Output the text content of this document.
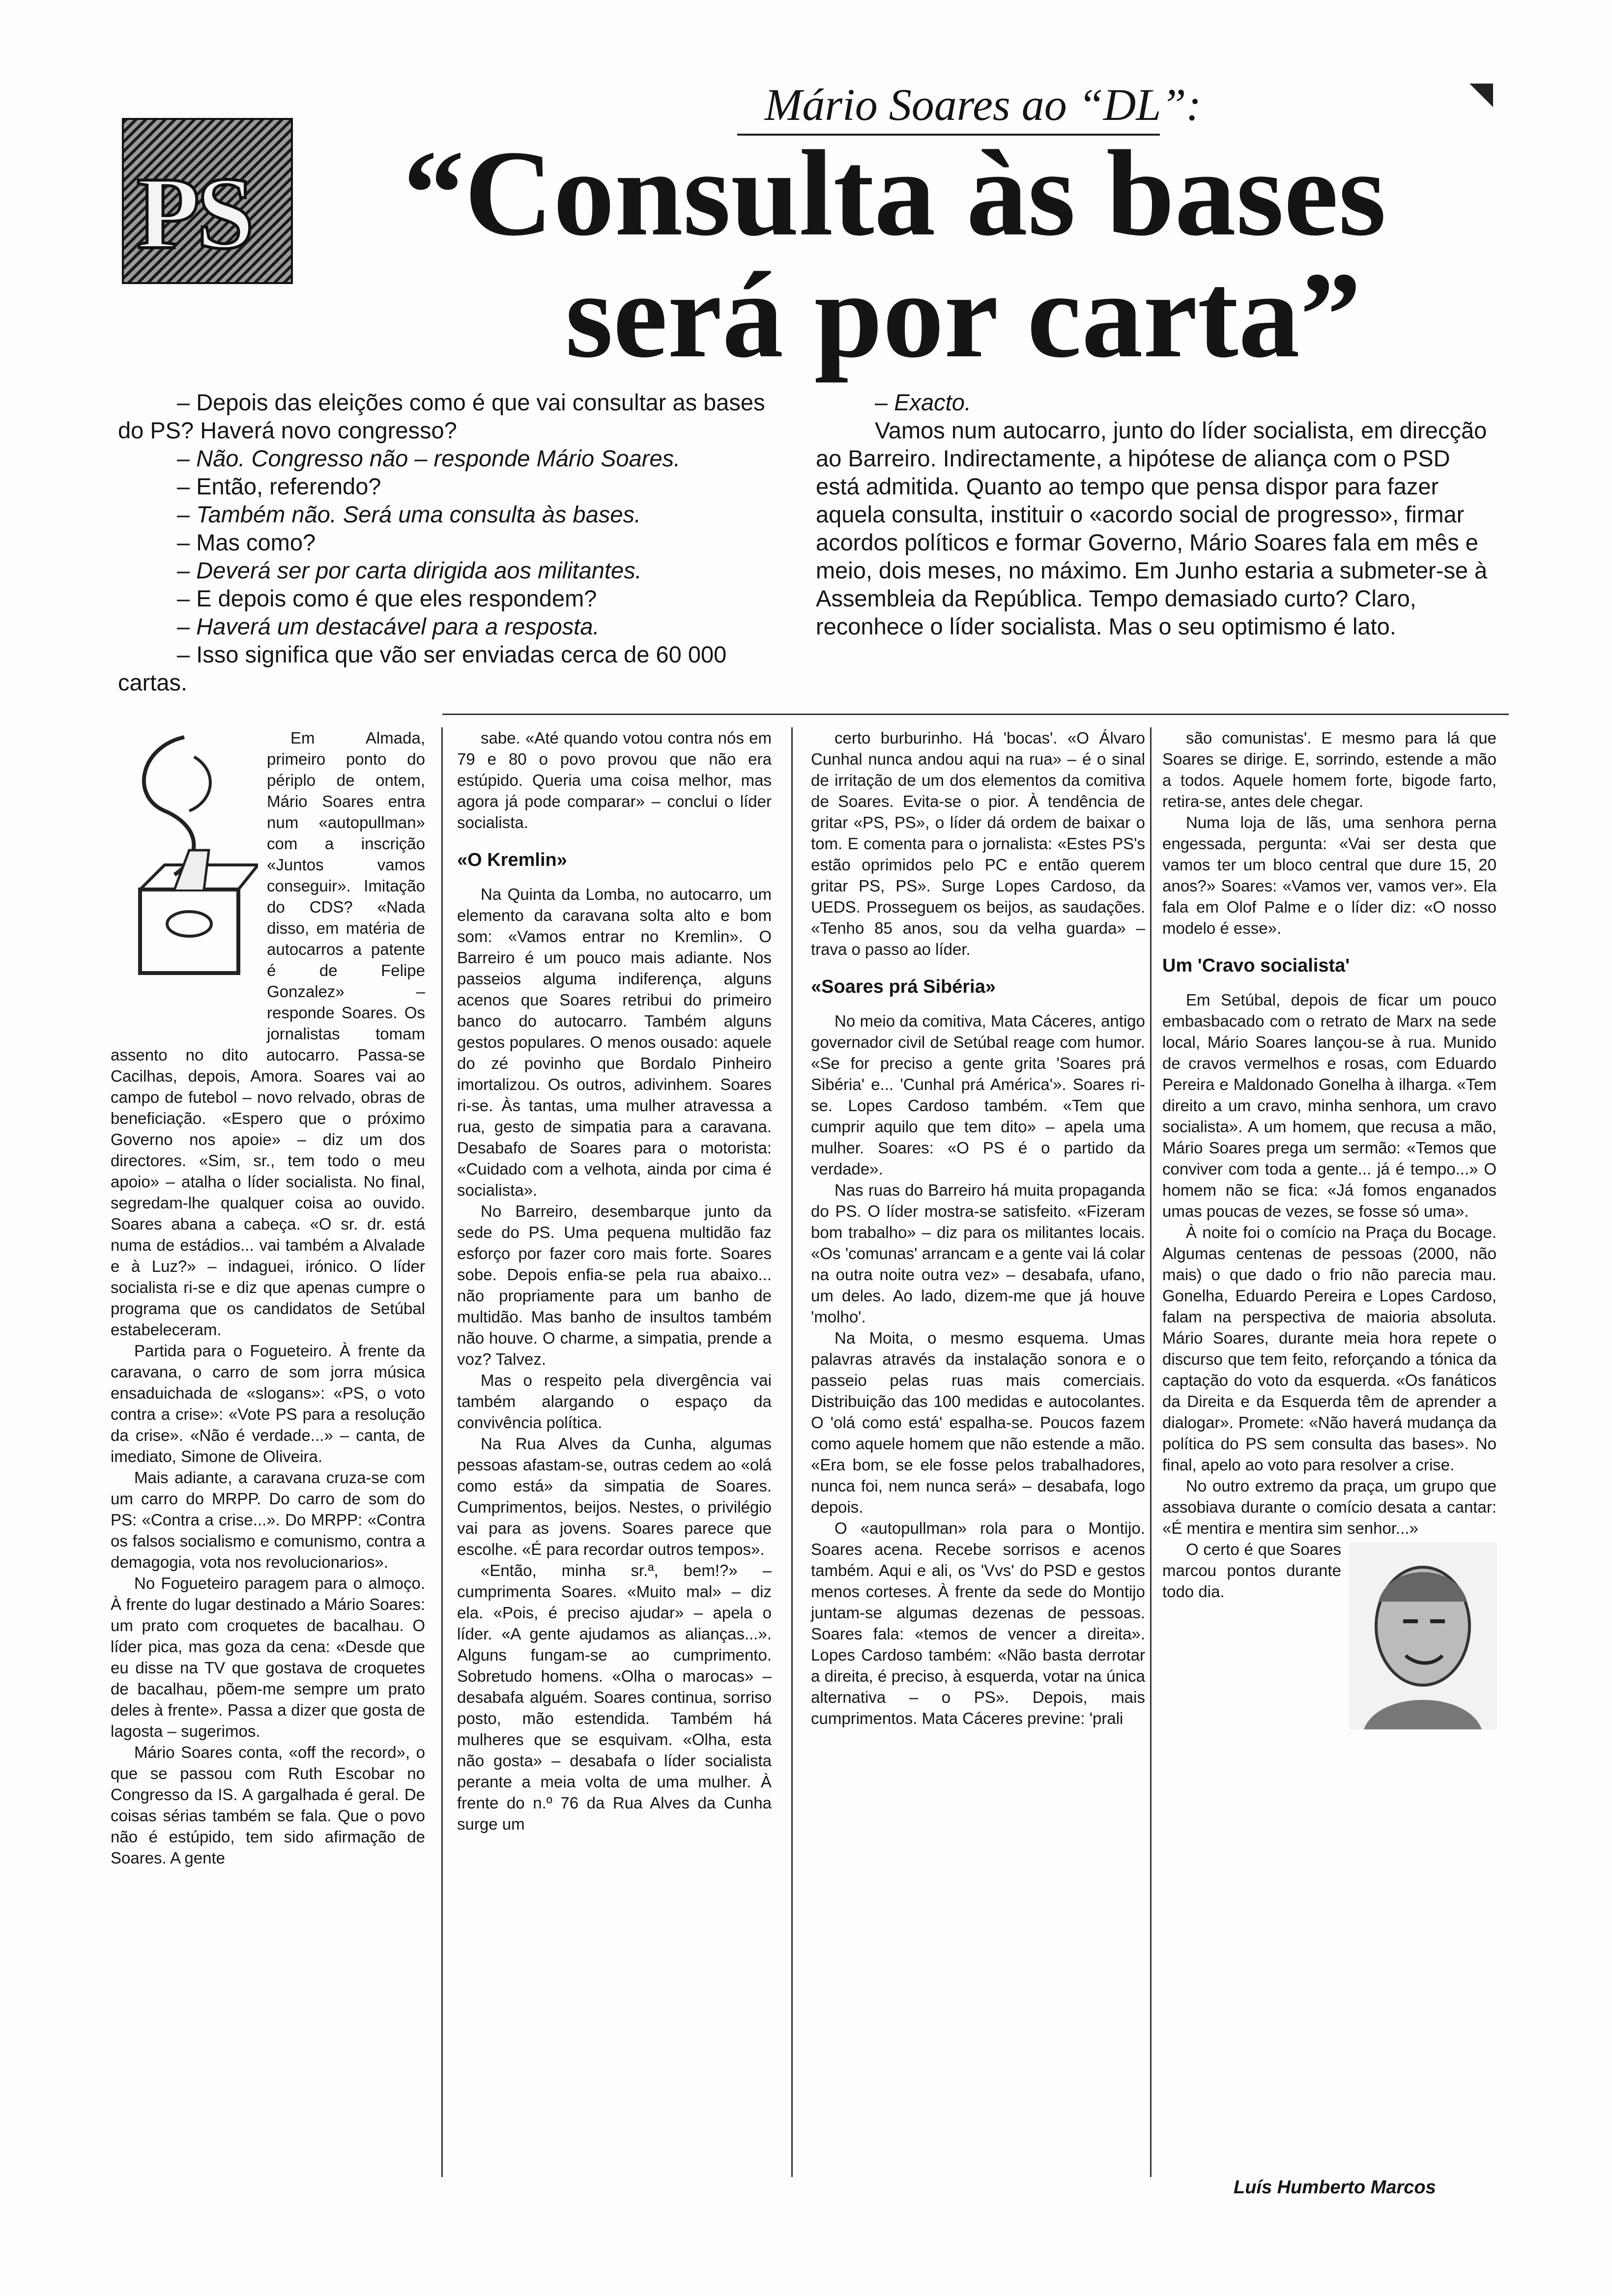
Mário Soares ao “DL”:
PS “Consulta às bases
será por carta”

– Depois das eleições como é que vai consultar as bases do PS? Haverá novo congresso?

– Não. Congresso não – responde Mário Soares.

– Então, referendo?

– Também não. Será uma consulta às bases.

– Mas como?

– Deverá ser por carta dirigida aos militantes.

– E depois como é que eles respondem?

– Haverá um destacável para a resposta.

– Isso significa que vão ser enviadas cerca de 60 000 cartas.

– Exacto.

Vamos num autocarro, junto do líder socialista, em direcção ao Barreiro. Indirectamente, a hipótese de aliança com o PSD está admitida. Quanto ao tempo que pensa dispor para fazer aquela consulta, instituir o «acordo social de progresso», firmar acordos políticos e formar Governo, Mário Soares fala em mês e meio, dois meses, no máximo. Em Junho estaria a submeter-se à Assembleia da República. Tempo demasiado curto? Claro, reconhece o líder socialista. Mas o seu optimismo é lato.

Em Almada, primeiro ponto do périplo de ontem, Mário Soares entra num «autopullman» com a inscrição «Juntos vamos conseguir». Imitação do CDS? «Nada disso, em matéria de autocarros a patente é de Felipe Gonzalez» – responde Soares. Os jornalistas tomam assento no dito autocarro. Passa-se Cacilhas, depois, Amora. Soares vai ao campo de futebol – novo relvado, obras de beneficiação. «Espero que o próximo Governo nos apoie» – diz um dos directores. «Sim, sr., tem todo o meu apoio» – atalha o líder socialista. No final, segredam-lhe qualquer coisa ao ouvido. Soares abana a cabeça. «O sr. dr. está numa de estádios... vai também a Alvalade e à Luz?» – indaguei, irónico. O líder socialista ri-se e diz que apenas cumpre o programa que os candidatos de Setúbal estabeleceram.

Partida para o Fogueteiro. À frente da caravana, o carro de som jorra música ensaduichada de «slogans»: «PS, o voto contra a crise»: «Vote PS para a resolução da crise». «Não é verdade...» – canta, de imediato, Simone de Oliveira.

Mais adiante, a caravana cruza-se com um carro do MRPP. Do carro de som do PS: «Contra a crise...». Do MRPP: «Contra os falsos socialismo e comunismo, contra a demagogia, vota nos revolucionarios».

No Fogueteiro paragem para o almoço. À frente do lugar destinado a Mário Soares: um prato com croquetes de bacalhau. O líder pica, mas goza da cena: «Desde que eu disse na TV que gostava de croquetes de bacalhau, põem-me sempre um prato deles à frente». Passa a dizer que gosta de lagosta – sugerimos.

Mário Soares conta, «off the record», o que se passou com Ruth Escobar no Congresso da IS. A gargalhada é geral. De coisas sérias também se fala. Que o povo não é estúpido, tem sido afirmação de Soares. A gente

sabe. «Até quando votou contra nós em 79 e 80 o povo provou que não era estúpido. Queria uma coisa melhor, mas agora já pode comparar» – conclui o líder socialista.

«O Kremlin»

Na Quinta da Lomba, no autocarro, um elemento da caravana solta alto e bom som: «Vamos entrar no Kremlin». O Barreiro é um pouco mais adiante. Nos passeios alguma indiferença, alguns acenos que Soares retribui do primeiro banco do autocarro. Também alguns gestos populares. O menos ousado: aquele do zé povinho que Bordalo Pinheiro imortalizou. Os outros, adivinhem. Soares ri-se. Às tantas, uma mulher atravessa a rua, gesto de simpatia para a caravana. Desabafo de Soares para o motorista: «Cuidado com a velhota, ainda por cima é socialista».

No Barreiro, desembarque junto da sede do PS. Uma pequena multidão faz esforço por fazer coro mais forte. Soares sobe. Depois enfia-se pela rua abaixo... não propriamente para um banho de multidão. Mas banho de insultos também não houve. O charme, a simpatia, prende a voz? Talvez.

Mas o respeito pela divergência vai também alargando o espaço da convivência política.

Na Rua Alves da Cunha, algumas pessoas afastam-se, outras cedem ao «olá como está» da simpatia de Soares. Cumprimentos, beijos. Nestes, o privilégio vai para as jovens. Soares parece que escolhe. «É para recordar outros tempos».

«Então, minha sr.ª, bem!?» – cumprimenta Soares. «Muito mal» – diz ela. «Pois, é preciso ajudar» – apela o líder. «A gente ajudamos as alianças...». Alguns fungam-se ao cumprimento. Sobretudo homens. «Olha o marocas» – desabafa alguém. Soares continua, sorriso posto, mão estendida. Também há mulheres que se esquivam. «Olha, esta não gosta» – desabafa o líder socialista perante a meia volta de uma mulher. À frente do n.º 76 da Rua Alves da Cunha surge um

certo burburinho. Há 'bocas'. «O Álvaro Cunhal nunca andou aqui na rua» – é o sinal de irritação de um dos elementos da comitiva de Soares. Evita-se o pior. À tendência de gritar «PS, PS», o líder dá ordem de baixar o tom. E comenta para o jornalista: «Estes PS's estão oprimidos pelo PC e então querem gritar PS, PS». Surge Lopes Cardoso, da UEDS. Prosseguem os beijos, as saudações. «Tenho 85 anos, sou da velha guarda» – trava o passo ao líder.

«Soares prá Sibéria»

No meio da comitiva, Mata Cáceres, antigo governador civil de Setúbal reage com humor. «Se for preciso a gente grita 'Soares prá Sibéria' e... 'Cunhal prá América'». Soares ri-se. Lopes Cardoso também. «Tem que cumprir aquilo que tem dito» – apela uma mulher. Soares: «O PS é o partido da verdade».

Nas ruas do Barreiro há muita propaganda do PS. O líder mostra-se satisfeito. «Fizeram bom trabalho» – diz para os militantes locais. «Os 'comunas' arrancam e a gente vai lá colar na outra noite outra vez» – desabafa, ufano, um deles. Ao lado, dizem-me que já houve 'molho'.

Na Moita, o mesmo esquema. Umas palavras através da instalação sonora e o passeio pelas ruas mais comerciais. Distribuição das 100 medidas e autocolantes. O 'olá como está' espalha-se. Poucos fazem como aquele homem que não estende a mão. «Era bom, se ele fosse pelos trabalhadores, nunca foi, nem nunca será» – desabafa, logo depois.

O «autopullman» rola para o Montijo. Soares acena. Recebe sorrisos e acenos também. Aqui e ali, os 'Vvs' do PSD e gestos menos corteses. À frente da sede do Montijo juntam-se algumas dezenas de pessoas. Soares fala: «temos de vencer a direita». Lopes Cardoso também: «Não basta derrotar a direita, é preciso, à esquerda, votar na única alternativa – o PS». Depois, mais cumprimentos. Mata Cáceres previne: 'prali

são comunistas'. E mesmo para lá que Soares se dirige. E, sorrindo, estende a mão a todos. Aquele homem forte, bigode farto, retira-se, antes dele chegar.

Numa loja de lãs, uma senhora perna engessada, pergunta: «Vai ser desta que vamos ter um bloco central que dure 15, 20 anos?» Soares: «Vamos ver, vamos ver». Ela fala em Olof Palme e o líder diz: «O nosso modelo é esse».

Um 'Cravo socialista'

Em Setúbal, depois de ficar um pouco embasbacado com o retrato de Marx na sede local, Mário Soares lançou-se à rua. Munido de cravos vermelhos e rosas, com Eduardo Pereira e Maldonado Gonelha à ilharga. «Tem direito a um cravo, minha senhora, um cravo socialista». A um homem, que recusa a mão, Mário Soares prega um sermão: «Temos que conviver com toda a gente... já é tempo...» O homem não se fica: «Já fomos enganados umas poucas de vezes, se fosse só uma».

À noite foi o comício na Praça du Bocage. Algumas centenas de pessoas (2000, não mais) o que dado o frio não parecia mau. Gonelha, Eduardo Pereira e Lopes Cardoso, falam na perspectiva de maioria absoluta. Mário Soares, durante meia hora repete o discurso que tem feito, reforçando a tónica da captação do voto da esquerda. «Os fanáticos da Direita e da Esquerda têm de aprender a dialogar». Promete: «Não haverá mudança da política do PS sem consulta das bases». No final, apelo ao voto para resolver a crise.

No outro extremo da praça, um grupo que assobiava durante o comício desata a cantar: «É mentira e mentira sim senhor...»

O certo é que Soares marcou pontos durante todo dia.

Luís Humberto Marcos
